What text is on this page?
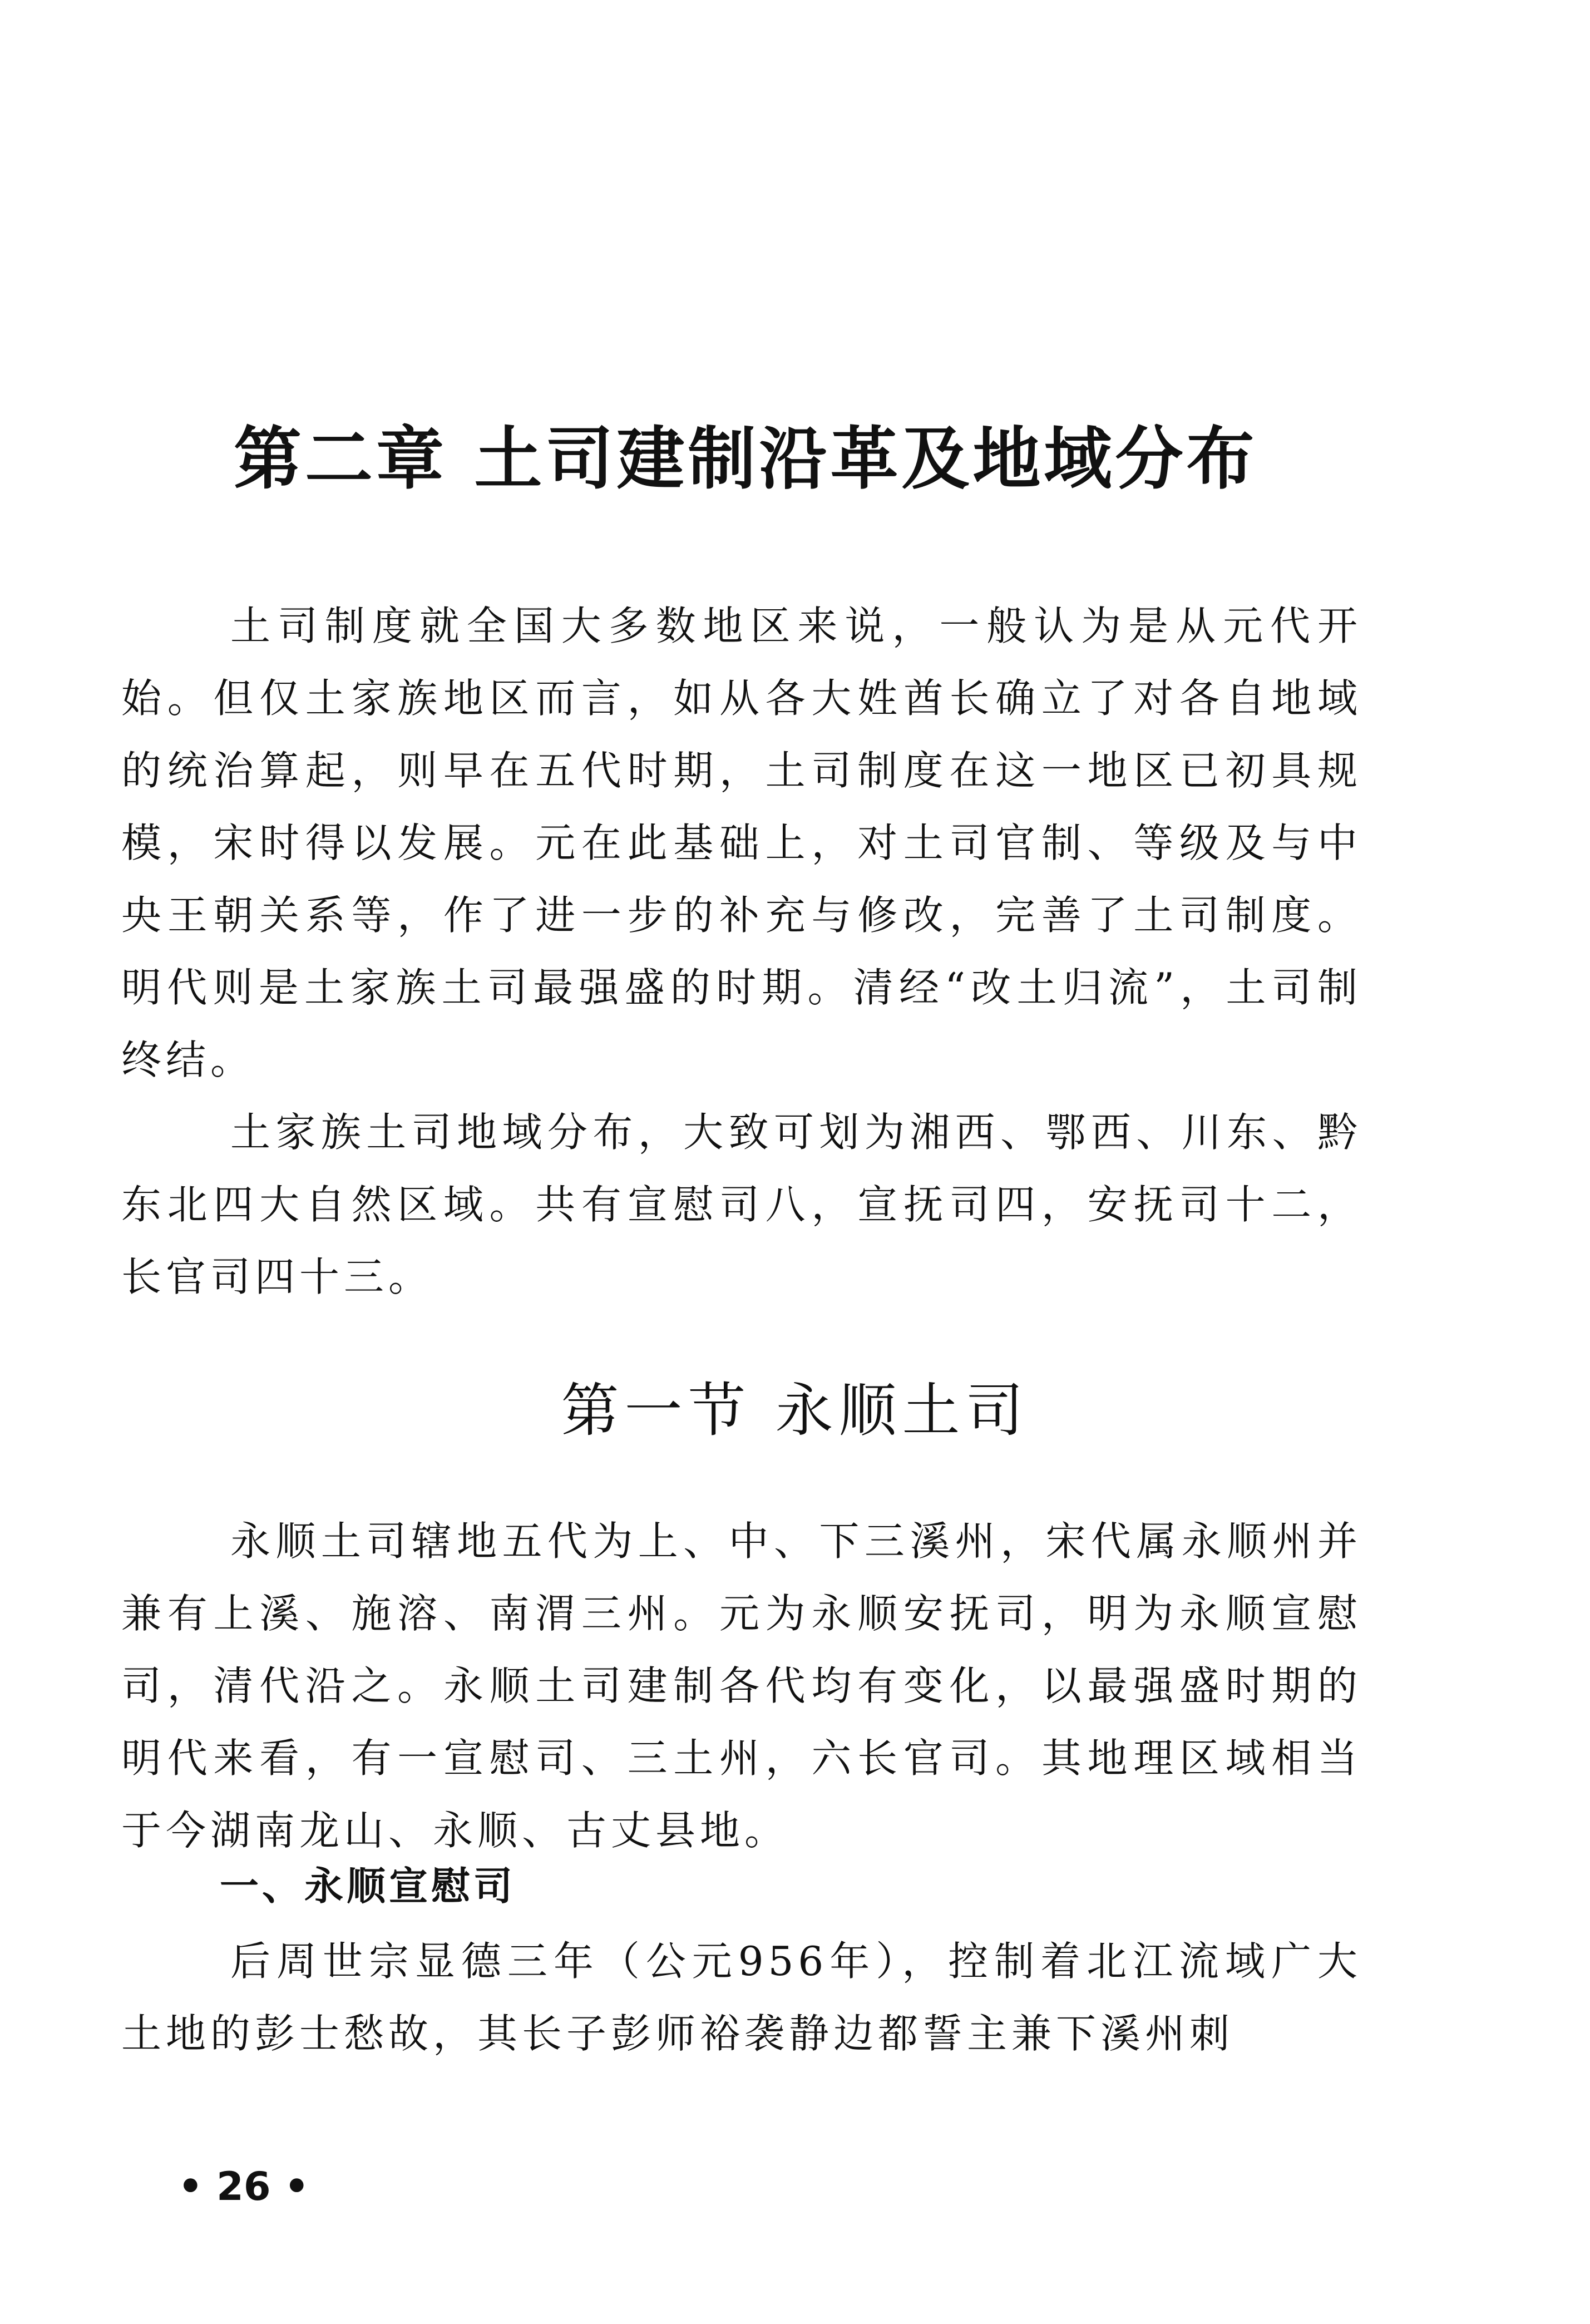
第二章 土司建制沿革及地域分布

土司制度就全国大多数地区来说，一般认为是从元代开始。但仅土家族地区而言，如从各大姓酋长确立了对各自地域的统治算起，则早在五代时期，土司制度在这一地区已初具规模，宋时得以发展。元在此基础上，对土司官制、等级及与中央王朝关系等，作了进一步的补充与修改，完善了土司制度。明代则是土家族土司最强盛的时期。清经“改土归流”，土司制终结。

土家族土司地域分布，大致可划为湘西、鄂西、川东、黔东北四大自然区域。共有宣慰司八，宣抚司四，安抚司十二，长官司四十三。

第一节 永顺土司

永顺土司辖地五代为上、中、下三溪州，宋代属永顺州并兼有上溪、施溶、南渭三州。元为永顺安抚司，明为永顺宣慰司，清代沿之。永顺土司建制各代均有变化，以最强盛时期的明代来看，有一宣慰司、三土州，六长官司。其地理区域相当于今湖南龙山、永顺、古丈县地。

一、永顺宣慰司

后周世宗显德三年（公元956年），控制着北江流域广大土地的彭士愁故，其长子彭师裕袭静边都誓主兼下溪州刺

• 26 •
